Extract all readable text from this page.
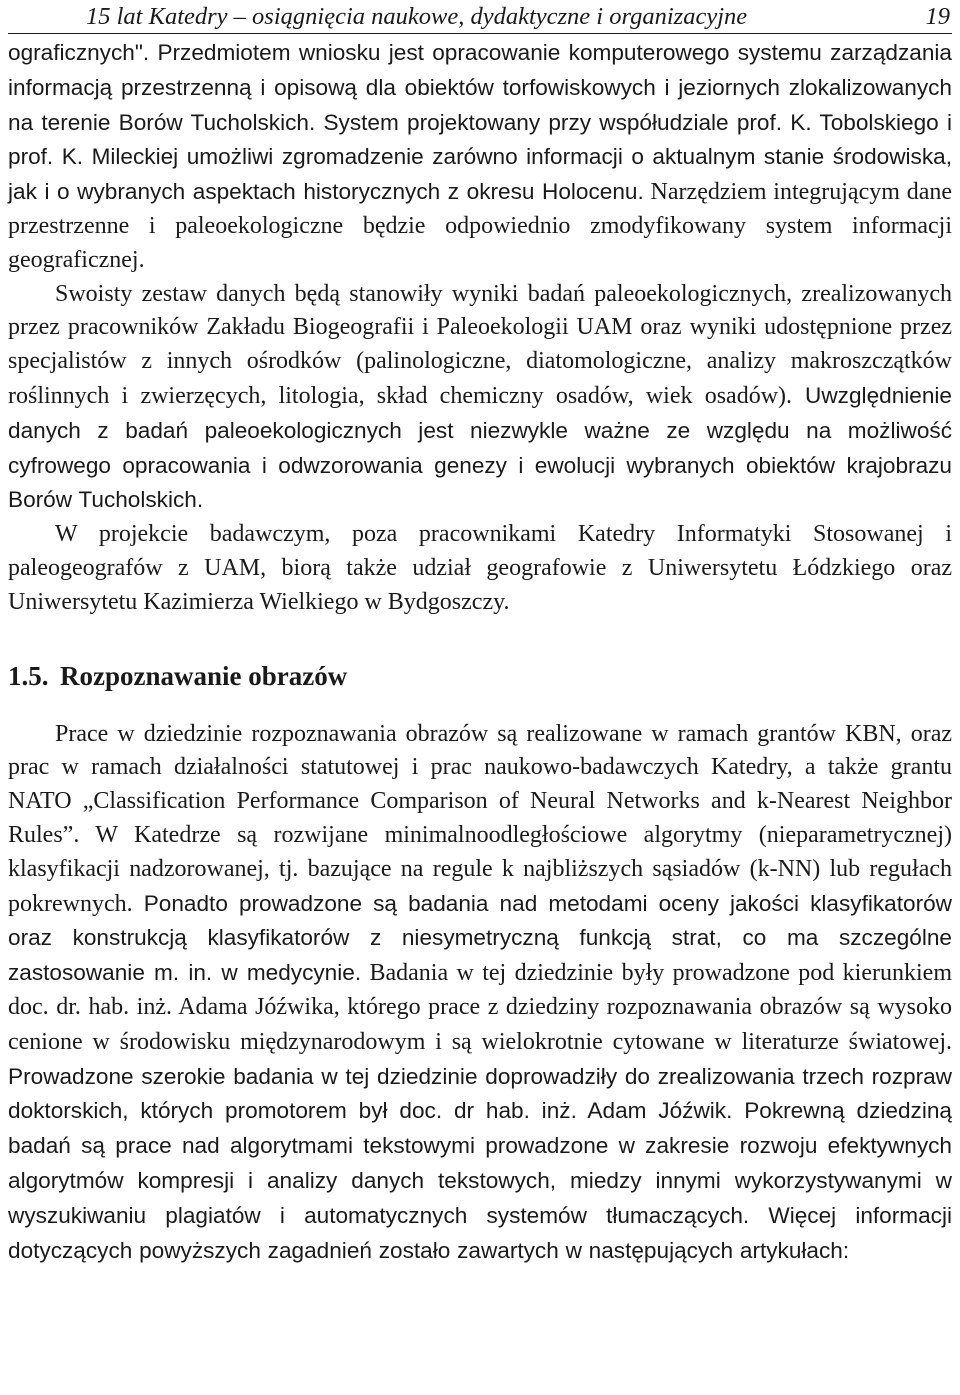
15 lat Katedry – osiągnięcia naukowe, dydaktyczne i organizacyjne	19

ograficznych". Przedmiotem wniosku jest opracowanie komputerowego systemu zarządzania informacją przestrzenną i opisową dla obiektów torfowiskowych i jeziornych zlokalizowanych na terenie Borów Tucholskich. System projektowany przy współudziale prof. K. Tobolskiego i prof. K. Mileckiej umożliwi zgromadzenie zarówno informacji o aktualnym stanie środowiska, jak i o wybranych aspektach historycznych z okresu Holocenu. Narzędziem integrującym dane przestrzenne i paleoekologiczne będzie odpowiednio zmodyfikowany system informacji geograficznej.

Swoisty zestaw danych będą stanowiły wyniki badań paleoekologicznych, zrealizowanych przez pracowników Zakładu Biogeografii i Paleoekologii UAM oraz wyniki udostępnione przez specjalistów z innych ośrodków (palinologiczne, diatomologiczne, analizy makroszczątków roślinnych i zwierzęcych, litologia, skład chemiczny osadów, wiek osadów). Uwzględnienie danych z badań paleoekologicznych jest niezwykle ważne ze względu na możliwość cyfrowego opracowania i odwzorowania genezy i ewolucji wybranych obiektów krajobrazu Borów Tucholskich.

W projekcie badawczym, poza pracownikami Katedry Informatyki Stosowanej i paleogeografów z UAM, biorą także udział geografowie z Uniwersytetu Łódzkiego oraz Uniwersytetu Kazimierza Wielkiego w Bydgoszczy.

1.5. Rozpoznawanie obrazów

Prace w dziedzinie rozpoznawania obrazów są realizowane w ramach grantów KBN, oraz prac w ramach działalności statutowej i prac naukowo-badawczych Katedry, a także grantu NATO „Classification Performance Comparison of Neural Networks and k-Nearest Neighbor Rules”. W Katedrze są rozwijane minimalnoodległościowe algorytmy (nieparametrycznej) klasyfikacji nadzorowanej, tj. bazujące na regule k najbliższych sąsiadów (k-NN) lub regułach pokrewnych. Ponadto prowadzone są badania nad metodami oceny jakości klasyfikatorów oraz konstrukcją klasyfikatorów z niesymetryczną funkcją strat, co ma szczególne zastosowanie m. in. w medycynie. Badania w tej dziedzinie były prowadzone pod kierunkiem doc. dr. hab. inż. Adama Jóźwika, którego prace z dziedziny rozpoznawania obrazów są wysoko cenione w środowisku międzynarodowym i są wielokrotnie cytowane w literaturze światowej. Prowadzone szerokie badania w tej dziedzinie doprowadziły do zrealizowania trzech rozpraw doktorskich, których promotorem był doc. dr hab. inż. Adam Jóźwik. Pokrewną dziedziną badań są prace nad algorytmami tekstowymi prowadzone w zakresie rozwoju efektywnych algorytmów kompresji i analizy danych tekstowych, miedzy innymi wykorzystywanymi w wyszukiwaniu plagiatów i automatycznych systemów tłumaczących. Więcej informacji dotyczących powyższych zagadnień zostało zawartych w następujących artykułach:
